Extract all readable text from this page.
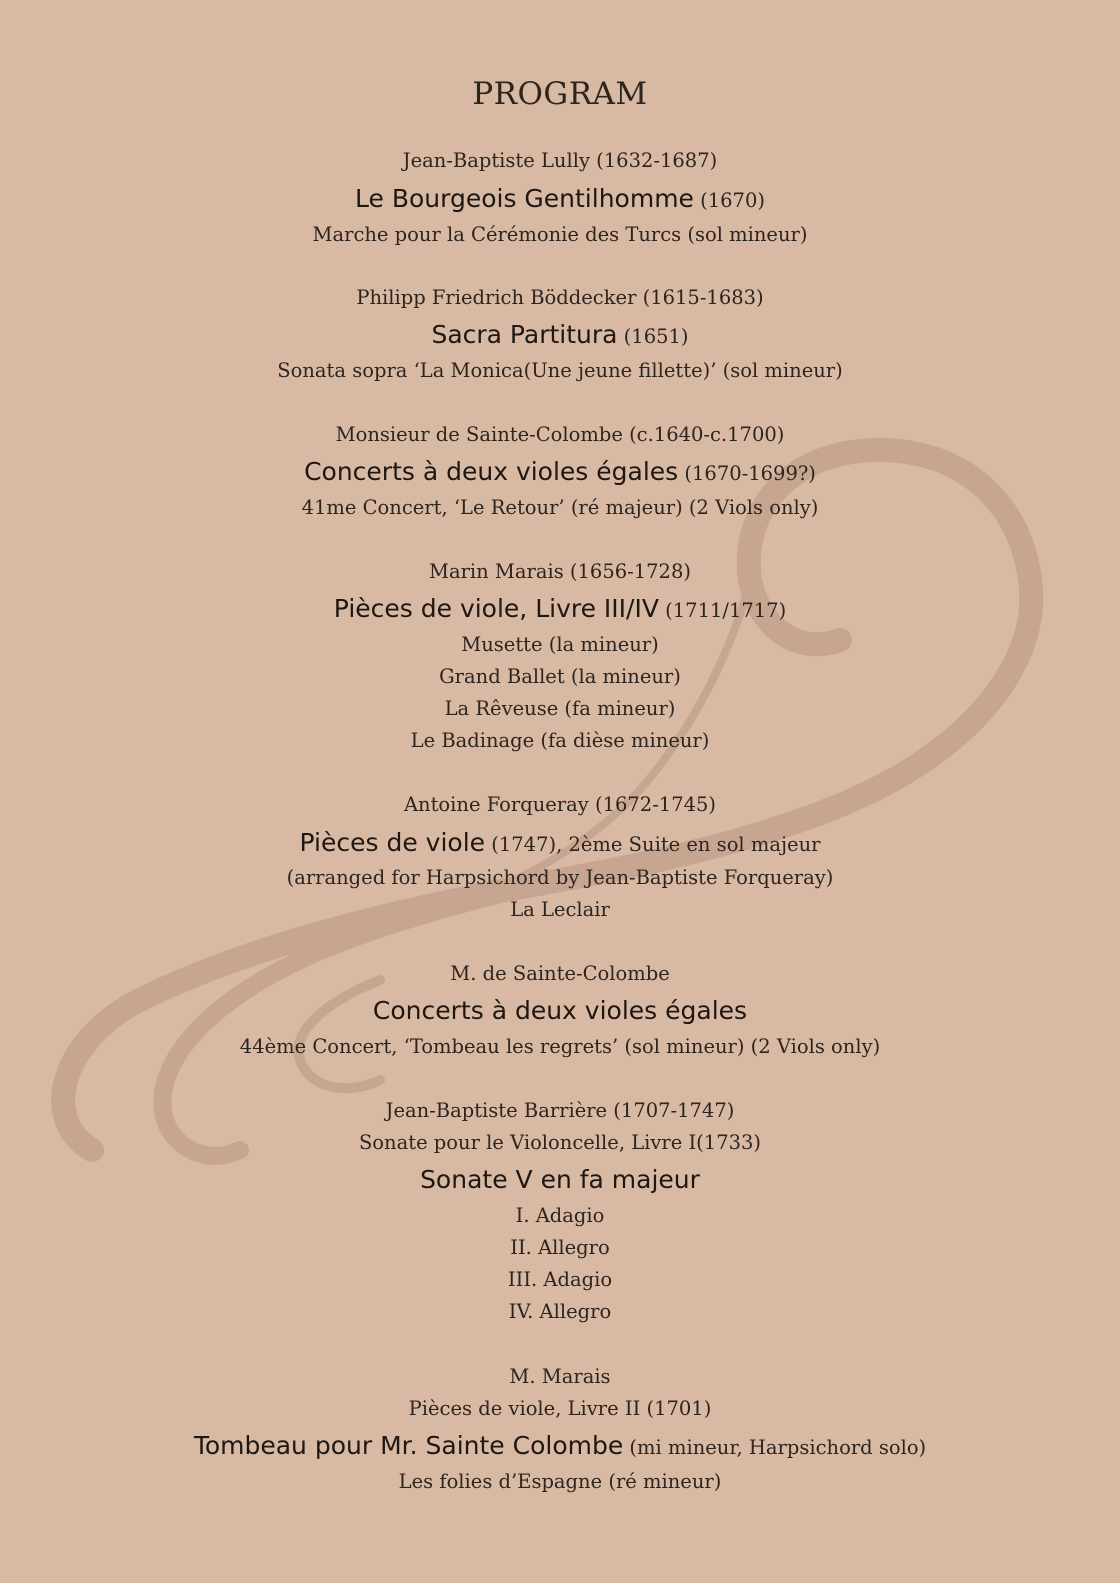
PROGRAM
Jean-Baptiste Lully (1632-1687)
Le Bourgeois Gentilhomme (1670)
Marche pour la Cérémonie des Turcs (sol mineur)
Philipp Friedrich Böddecker (1615-1683)
Sacra Partitura (1651)
Sonata sopra ‘La Monica(Une jeune fillette)’ (sol mineur)
Monsieur de Sainte-Colombe (c.1640-c.1700)
Concerts à deux violes égales (1670-1699?)
41me Concert, ‘Le Retour’ (ré majeur) (2 Viols only)
Marin Marais (1656-1728)
Pièces de viole, Livre III/IV (1711/1717)
Musette (la mineur)
Grand Ballet (la mineur)
La Rêveuse (fa mineur)
Le Badinage (fa dièse mineur)
Antoine Forqueray (1672-1745)
Pièces de viole (1747), 2ème Suite en sol majeur
(arranged for Harpsichord by Jean-Baptiste Forqueray)
La Leclair
M. de Sainte-Colombe
Concerts à deux violes égales
44ème Concert, ‘Tombeau les regrets’ (sol mineur) (2 Viols only)
Jean-Baptiste Barrière (1707-1747)
Sonate pour le Violoncelle, Livre I(1733)
Sonate V en fa majeur
I. Adagio
II. Allegro
III. Adagio
IV. Allegro
M. Marais
Pièces de viole, Livre II (1701)
Tombeau pour Mr. Sainte Colombe (mi mineur, Harpsichord solo)
Les folies d’Espagne (ré mineur)
